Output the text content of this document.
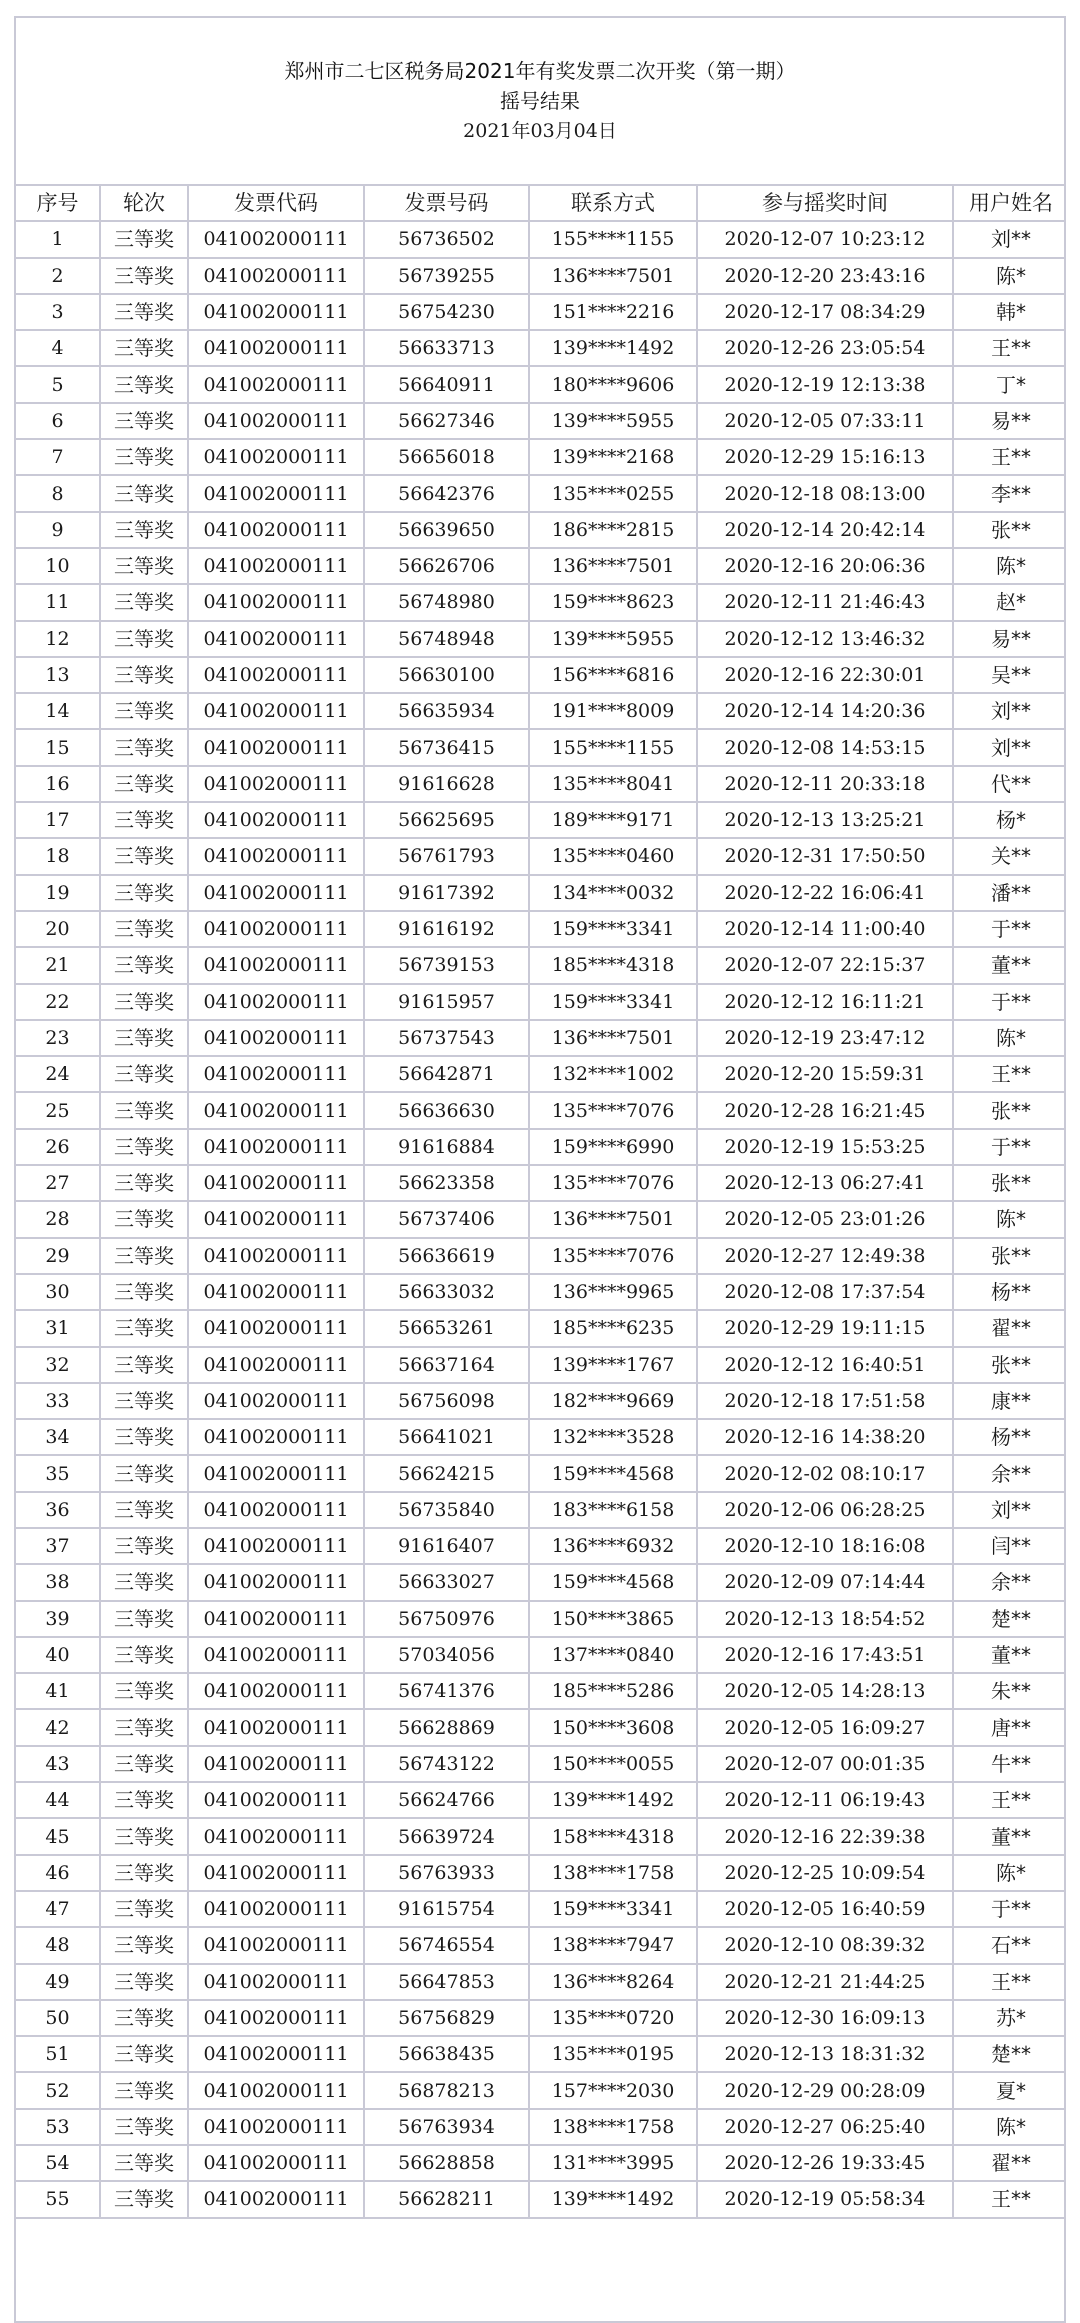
郑州市二七区税务局2021年有奖发票二次开奖（第一期）
摇号结果
2021年03月04日
序号	轮次	发票代码	发票号码	联系方式	参与摇奖时间	用户姓名
1	三等奖	041002000111	56736502	155****1155	2020-12-07 10:23:12	刘**
2	三等奖	041002000111	56739255	136****7501	2020-12-20 23:43:16	陈*
3	三等奖	041002000111	56754230	151****2216	2020-12-17 08:34:29	韩*
4	三等奖	041002000111	56633713	139****1492	2020-12-26 23:05:54	王**
5	三等奖	041002000111	56640911	180****9606	2020-12-19 12:13:38	丁*
6	三等奖	041002000111	56627346	139****5955	2020-12-05 07:33:11	易**
7	三等奖	041002000111	56656018	139****2168	2020-12-29 15:16:13	王**
8	三等奖	041002000111	56642376	135****0255	2020-12-18 08:13:00	李**
9	三等奖	041002000111	56639650	186****2815	2020-12-14 20:42:14	张**
10	三等奖	041002000111	56626706	136****7501	2020-12-16 20:06:36	陈*
11	三等奖	041002000111	56748980	159****8623	2020-12-11 21:46:43	赵*
12	三等奖	041002000111	56748948	139****5955	2020-12-12 13:46:32	易**
13	三等奖	041002000111	56630100	156****6816	2020-12-16 22:30:01	吴**
14	三等奖	041002000111	56635934	191****8009	2020-12-14 14:20:36	刘**
15	三等奖	041002000111	56736415	155****1155	2020-12-08 14:53:15	刘**
16	三等奖	041002000111	91616628	135****8041	2020-12-11 20:33:18	代**
17	三等奖	041002000111	56625695	189****9171	2020-12-13 13:25:21	杨*
18	三等奖	041002000111	56761793	135****0460	2020-12-31 17:50:50	关**
19	三等奖	041002000111	91617392	134****0032	2020-12-22 16:06:41	潘**
20	三等奖	041002000111	91616192	159****3341	2020-12-14 11:00:40	于**
21	三等奖	041002000111	56739153	185****4318	2020-12-07 22:15:37	董**
22	三等奖	041002000111	91615957	159****3341	2020-12-12 16:11:21	于**
23	三等奖	041002000111	56737543	136****7501	2020-12-19 23:47:12	陈*
24	三等奖	041002000111	56642871	132****1002	2020-12-20 15:59:31	王**
25	三等奖	041002000111	56636630	135****7076	2020-12-28 16:21:45	张**
26	三等奖	041002000111	91616884	159****6990	2020-12-19 15:53:25	于**
27	三等奖	041002000111	56623358	135****7076	2020-12-13 06:27:41	张**
28	三等奖	041002000111	56737406	136****7501	2020-12-05 23:01:26	陈*
29	三等奖	041002000111	56636619	135****7076	2020-12-27 12:49:38	张**
30	三等奖	041002000111	56633032	136****9965	2020-12-08 17:37:54	杨**
31	三等奖	041002000111	56653261	185****6235	2020-12-29 19:11:15	翟**
32	三等奖	041002000111	56637164	139****1767	2020-12-12 16:40:51	张**
33	三等奖	041002000111	56756098	182****9669	2020-12-18 17:51:58	康**
34	三等奖	041002000111	56641021	132****3528	2020-12-16 14:38:20	杨**
35	三等奖	041002000111	56624215	159****4568	2020-12-02 08:10:17	余**
36	三等奖	041002000111	56735840	183****6158	2020-12-06 06:28:25	刘**
37	三等奖	041002000111	91616407	136****6932	2020-12-10 18:16:08	闫**
38	三等奖	041002000111	56633027	159****4568	2020-12-09 07:14:44	余**
39	三等奖	041002000111	56750976	150****3865	2020-12-13 18:54:52	楚**
40	三等奖	041002000111	57034056	137****0840	2020-12-16 17:43:51	董**
41	三等奖	041002000111	56741376	185****5286	2020-12-05 14:28:13	朱**
42	三等奖	041002000111	56628869	150****3608	2020-12-05 16:09:27	唐**
43	三等奖	041002000111	56743122	150****0055	2020-12-07 00:01:35	牛**
44	三等奖	041002000111	56624766	139****1492	2020-12-11 06:19:43	王**
45	三等奖	041002000111	56639724	158****4318	2020-12-16 22:39:38	董**
46	三等奖	041002000111	56763933	138****1758	2020-12-25 10:09:54	陈*
47	三等奖	041002000111	91615754	159****3341	2020-12-05 16:40:59	于**
48	三等奖	041002000111	56746554	138****7947	2020-12-10 08:39:32	石**
49	三等奖	041002000111	56647853	136****8264	2020-12-21 21:44:25	王**
50	三等奖	041002000111	56756829	135****0720	2020-12-30 16:09:13	苏*
51	三等奖	041002000111	56638435	135****0195	2020-12-13 18:31:32	楚**
52	三等奖	041002000111	56878213	157****2030	2020-12-29 00:28:09	夏*
53	三等奖	041002000111	56763934	138****1758	2020-12-27 06:25:40	陈*
54	三等奖	041002000111	56628858	131****3995	2020-12-26 19:33:45	翟**
55	三等奖	041002000111	56628211	139****1492	2020-12-19 05:58:34	王**
